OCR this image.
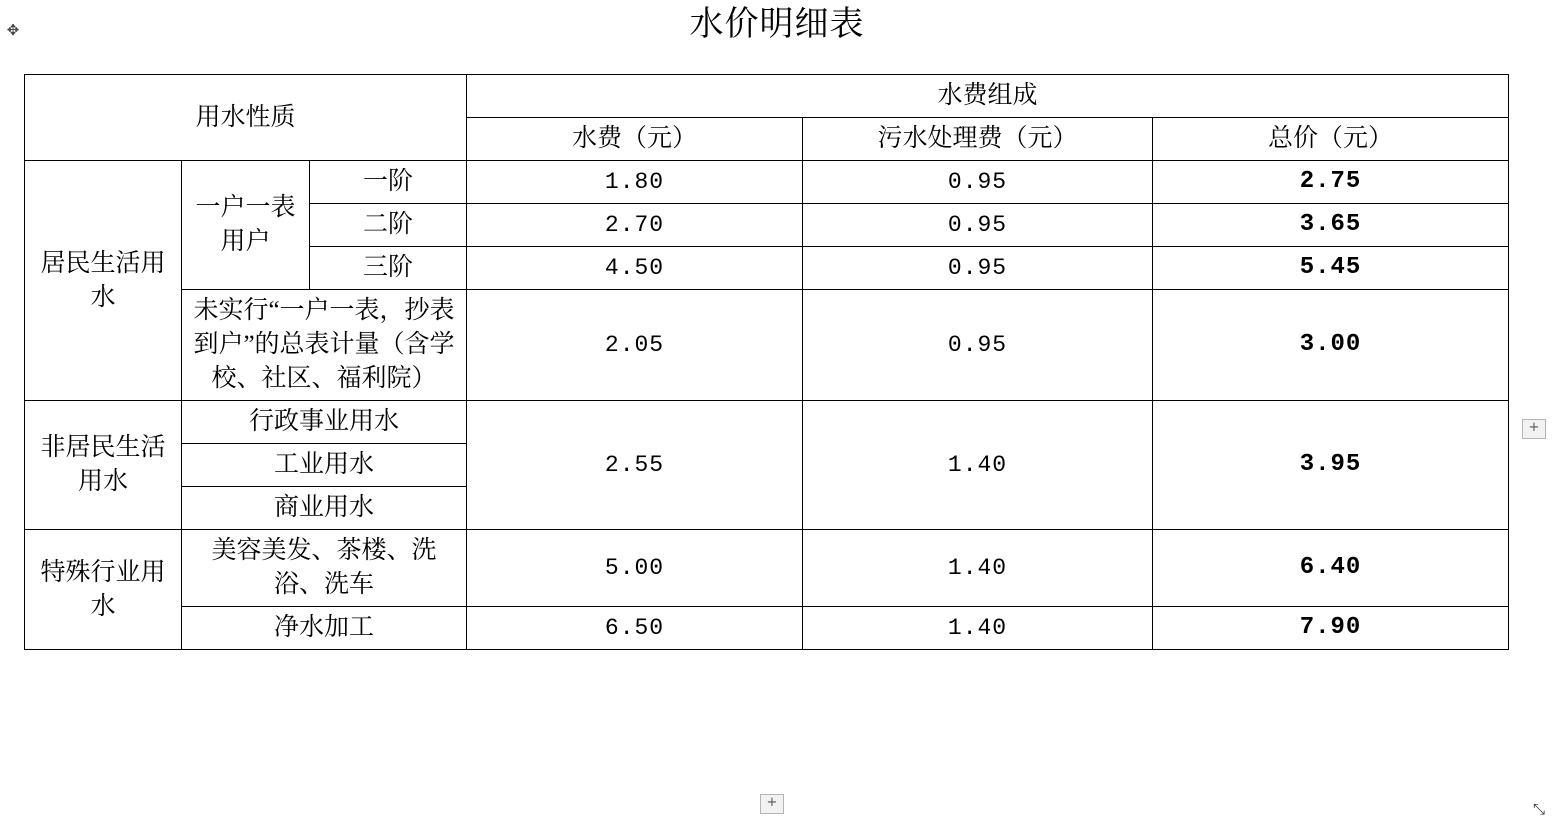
✥	水价明细表
用水性质			水费组成		
			水费（元）	污水处理费（元）	总价（元）
居民生活用水	一户一表用户	一阶	1.80	0.95	2.75
		二阶	2.70	0.95	3.65
		三阶	4.50	0.95	5.45
	未实行“一户一表，抄表到户”的总表计量（含学校、社区、福利院）		2.05	0.95	3.00
非居民生活用水	行政事业用水		2.55	1.40	3.95
	工业用水				
	商业用水				
特殊行业用水	美容美发、茶楼、洗浴、洗车		5.00	1.40	6.40
	净水加工		6.50	1.40	7.90
+
+	⤡
